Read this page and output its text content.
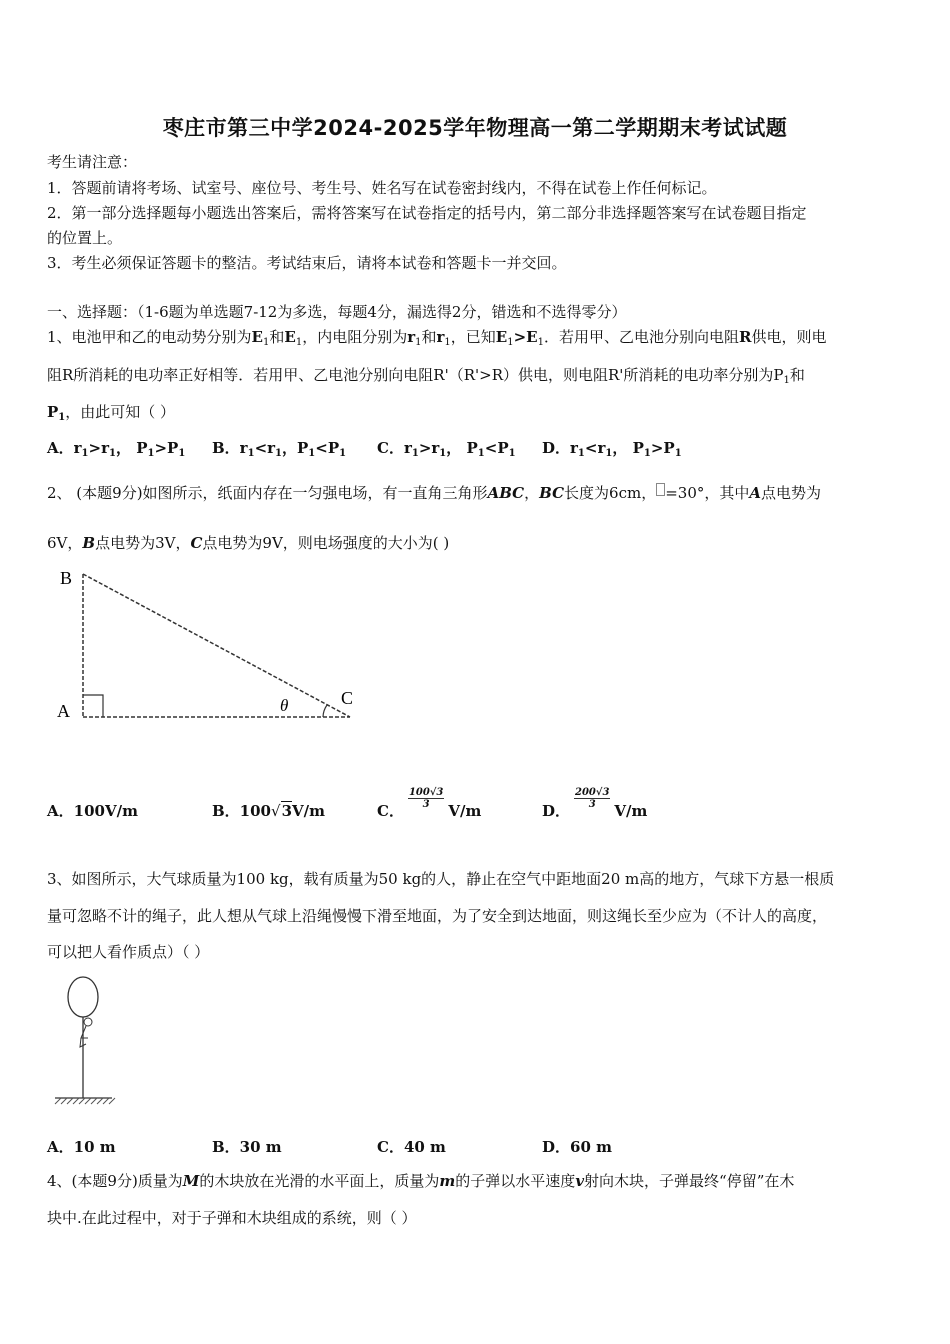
枣庄市第三中学2024-2025学年物理高一第二学期期末考试试题
考生请注意：
1．答题前请将考场、试室号、座位号、考生号、姓名写在试卷密封线内，不得在试卷上作任何标记。
2．第一部分选择题每小题选出答案后，需将答案写在试卷指定的括号内，第二部分非选择题答案写在试卷题目指定
的位置上。
3．考生必须保证答题卡的整洁。考试结束后，请将本试卷和答题卡一并交回。
一、选择题：（1-6题为单选题7-12为多选，每题4分，漏选得2分，错选和不选得零分）
1、电池甲和乙的电动势分别为$E_1$和$E_1$，内电阻分别为$r_1$和$r_1$，已知$E_1>E_1$．若用甲、乙电池分别向电阻R供电，则电
阻R所消耗的电功率正好相等．若用甲、乙电池分别向电阻R'（R'>R）供电，则电阻R'所消耗的电功率分别为$P_1$和
$P_1$，由此可知（ ）
A．$r_1>r_1$， $P_1>P_1$ B．$r_1<r_1$，$P_1<P_1$ C．$r_1>r_1$， $P_1<P_1$ D．$r_1<r_1$， $P_1>P_1$
2、 (本题9分)如图所示，纸面内存在一匀强电场，有一直角三角形ABC，BC长度为6cm， =30°，其中A点电势为
6V，B点电势为3V，C点电势为9V，则电场强度的大小为( )
B
A
C
θ
A．100V/m	B．100√3V/m	C．
$\frac{100√3}{3}$
V/m	D．
$\frac{200√3}{3}$
V/m
3、如图所示，大气球质量为100 kg，载有质量为50 kg的人，静止在空气中距地面20 m高的地方，气球下方悬一根质
量可忽略不计的绳子，此人想从气球上沿绳慢慢下滑至地面，为了安全到达地面，则这绳长至少应为（不计人的高度，
可以把人看作质点）（ ）
A．10 m	B．30 m	C．40 m	D．60 m
4、(本题9分)质量为M的木块放在光滑的水平面上，质量为m的子弹以水平速度v射向木块，子弹最终“停留”在木
块中.在此过程中，对于子弹和木块组成的系统，则（ ）
